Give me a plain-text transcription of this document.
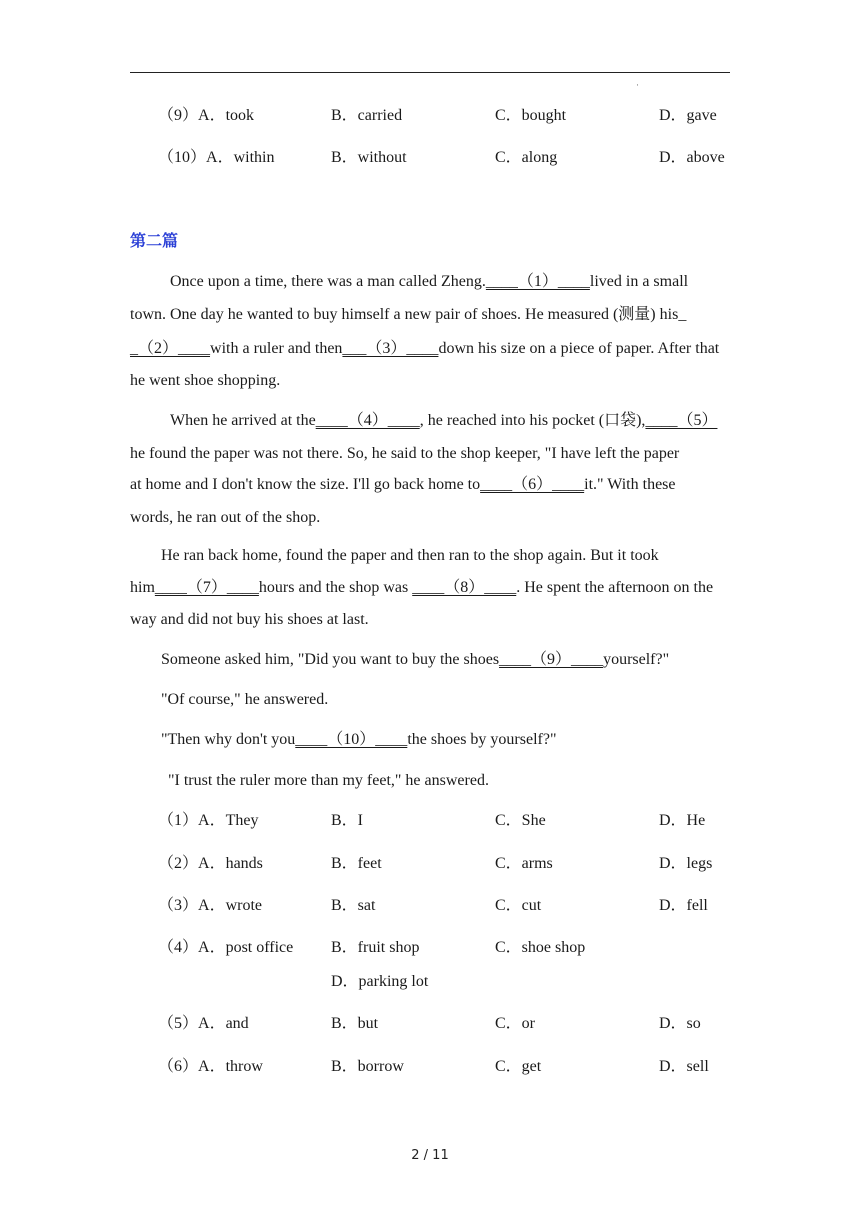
·
（9）A．took	B．carried	C．bought	D．gave
（10）A．within	B．without	C．along	D．above
第二篇
Once upon a time, there was a man called Zheng.____（1）____lived in a small
town. One day he wanted to buy himself a new pair of shoes. He measured (测量) his_
_（2）____with a ruler and then___（3）____down his size on a piece of paper. After that
he went shoe shopping.
When he arrived at the____（4）____, he reached into his pocket (口袋),____（5）
he found the paper was not there. So, he said to the shop keeper, "I have left the paper
at home and I don't know the size. I'll go back home to____（6）____it." With these
words, he ran out of the shop.
He ran back home, found the paper and then ran to the shop again. But it took
him____（7）____hours and the shop was ____（8）____. He spent the afternoon on the
way and did not buy his shoes at last.
Someone asked him, "Did you want to buy the shoes____（9）____yourself?"
"Of course," he answered.
"Then why don't you____（10）____the shoes by yourself?"
"I trust the ruler more than my feet," he answered.
（1）A．They	B．I	C．She	D．He
（2）A．hands	B．feet	C．arms	D．legs
（3）A．wrote	B．sat	C．cut	D．fell
（4）A．post office B．fruit shop	C．shoe shop
D．parking lot
（5）A．and	B．but	C．or	D．so
（6）A．throw	B．borrow	C．get	D．sell
2 / 11
